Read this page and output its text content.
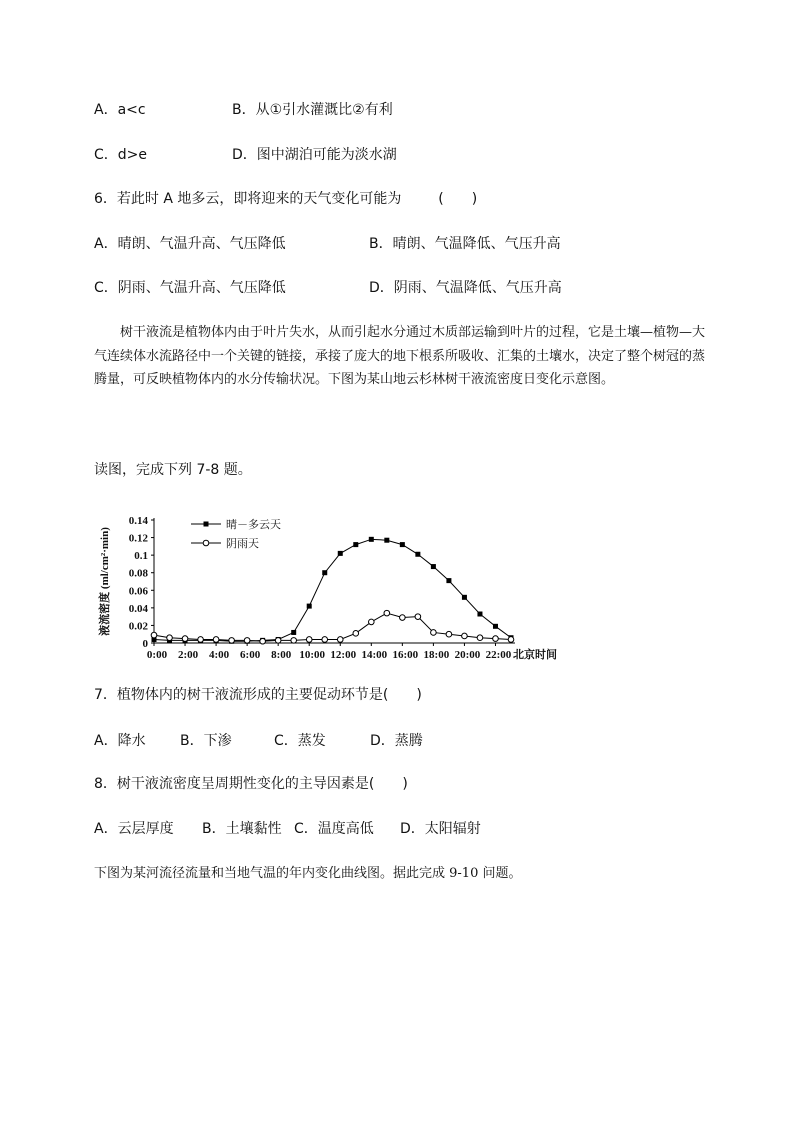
A．a<c	B．从①引水灌溉比②有利
C．d>e	D．图中湖泊可能为淡水湖
6．若此时 A 地多云，即将迎来的天气变化可能为	(　　)
A．晴朗、气温升高、气压降低	B．晴朗、气温降低、气压升高
C．阴雨、气温升高、气压降低	D．阴雨、气温降低、气压升高
树干液流是植物体内由于叶片失水，从而引起水分通过木质部运输到叶片的过程，它是土壤—植物—大气连续体水流路径中一个关键的链接，承接了庞大的地下根系所吸收、汇集的土壤水，决定了整个树冠的蒸腾量，可反映植物体内的水分传输状况。下图为某山地云杉林树干液流密度日变化示意图。
读图，完成下列 7-8 题。
0
0.02
0.04
0.06
0.08
0.1
0.12
0.14
0:00 2:00 4:00 6:00 8:00 10:00 12:00 14:00 16:00 18:00 20:00 22:00 北京时间
液流密度 (ml/cm²·min)
晴－多云天
阴雨天
7．植物体内的树干液流形成的主要促动环节是(　　)
A．降水 B．下渗	C．蒸发	D．蒸腾
8．树干液流密度呈周期性变化的主导因素是(　　)
A．云层厚度 B．土壤黏性 C．温度高低 D．太阳辐射
下图为某河流径流量和当地气温的年内变化曲线图。据此完成 9-10 问题。
